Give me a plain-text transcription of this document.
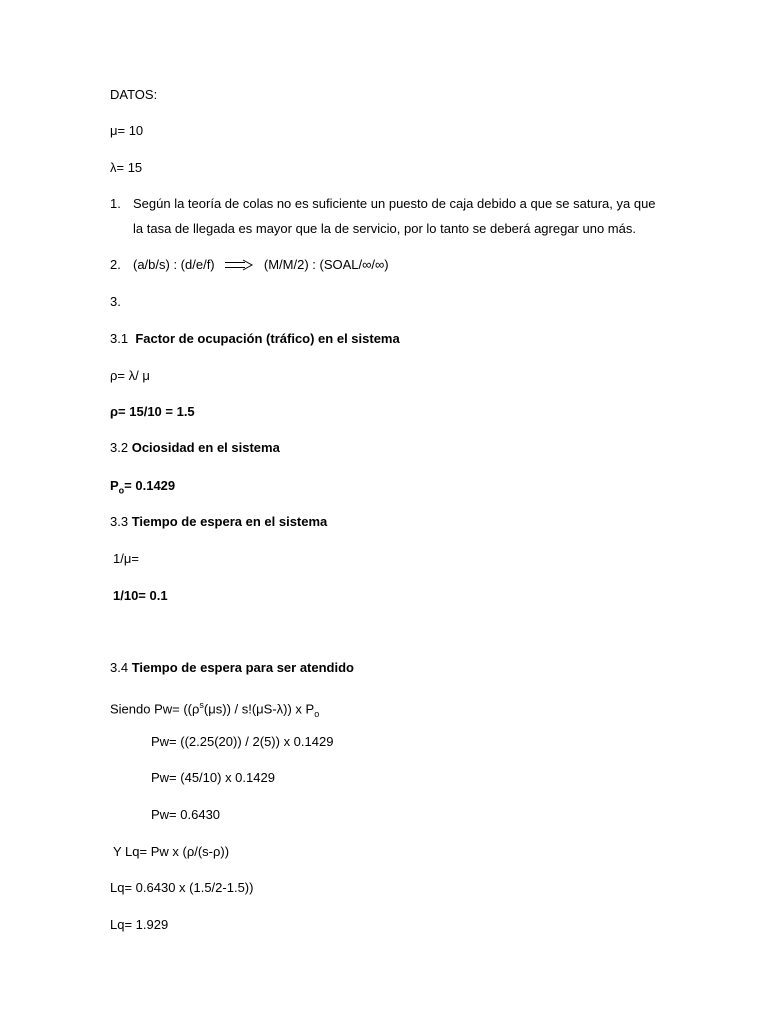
DATOS:
μ= 10
λ= 15
1. Según la teoría de colas no es suficiente un puesto de caja debido a que se satura, ya que
la tasa de llegada es mayor que la de servicio, por lo tanto se deberá agregar uno más.
2. (a/b/s) : (d/e/f)	(M/M/2) : (SOAL/∞/∞)
3.
3.1 Factor de ocupación (tráfico) en el sistema
ρ= λ/ μ
ρ= 15/10 = 1.5
3.2 Ociosidad en el sistema
$P_o= 0.1429$
3.3 Tiempo de espera en el sistema
1/μ=
1/10= 0.1
3.4 Tiempo de espera para ser atendido
Siendo $Pw= ((\rho^s(\mu s)) / s!(\mu S-\lambda))$ x $P_o$
Pw= ((2.25(20)) / 2(5)) x 0.1429
Pw= (45/10) x 0.1429
Pw= 0.6430
Y Lq= Pw x (ρ/(s-ρ))
Lq= 0.6430 x (1.5/2-1.5))
Lq= 1.929
